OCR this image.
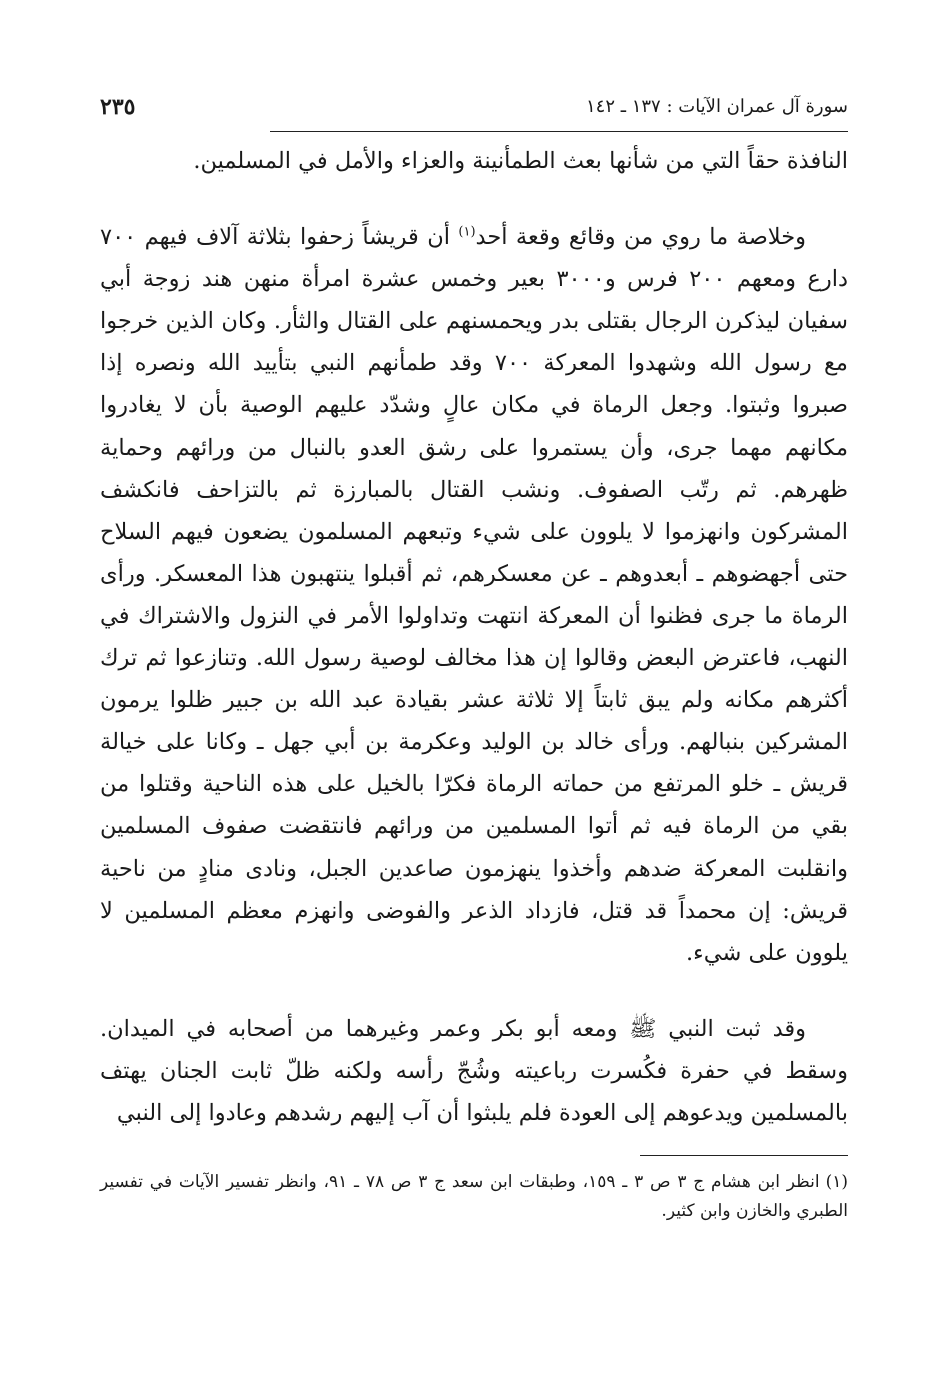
سورة آل عمران الآيات : ١٣٧ ـ ١٤٢
٢٣٥

النافذة حقاً التي من شأنها بعث الطمأنينة والعزاء والأمل في المسلمين.

وخلاصة ما روي من وقائع وقعة أحد$^{(١)}$ أن قريشاً زحفوا بثلاثة آلاف فيهم ٧٠٠ دارع ومعهم ٢٠٠ فرس و٣٠٠٠ بعير وخمس عشرة امرأة منهن هند زوجة أبي سفيان ليذكرن الرجال بقتلى بدر ويحمسنهم على القتال والثأر. وكان الذين خرجوا مع رسول الله وشهدوا المعركة ٧٠٠ وقد طمأنهم النبي بتأييد الله ونصره إذا صبروا وثبتوا. وجعل الرماة في مكان عالٍ وشدّد عليهم الوصية بأن لا يغادروا مكانهم مهما جرى، وأن يستمروا على رشق العدو بالنبال من ورائهم وحماية ظهرهم. ثم رتّب الصفوف. ونشب القتال بالمبارزة ثم بالتزاحف فانكشف المشركون وانهزموا لا يلوون على شيء وتبعهم المسلمون يضعون فيهم السلاح حتى أجهضوهم ـ أبعدوهم ـ عن معسكرهم، ثم أقبلوا ينتهبون هذا المعسكر. ورأى الرماة ما جرى فظنوا أن المعركة انتهت وتداولوا الأمر في النزول والاشتراك في النهب، فاعترض البعض وقالوا إن هذا مخالف لوصية رسول الله. وتنازعوا ثم ترك أكثرهم مكانه ولم يبق ثابتاً إلا ثلاثة عشر بقيادة عبد الله بن جبير ظلوا يرمون المشركين بنبالهم. ورأى خالد بن الوليد وعكرمة بن أبي جهل ـ وكانا على خيالة قريش ـ خلو المرتفع من حماته الرماة فكرّا بالخيل على هذه الناحية وقتلوا من بقي من الرماة فيه ثم أتوا المسلمين من ورائهم فانتقضت صفوف المسلمين وانقلبت المعركة ضدهم وأخذوا ينهزمون صاعدين الجبل، ونادى منادٍ من ناحية قريش: إن محمداً قد قتل، فازداد الذعر والفوضى وانهزم معظم المسلمين لا يلوون على شيء.

وقد ثبت النبي ﷺ ومعه أبو بكر وعمر وغيرهما من أصحابه في الميدان. وسقط في حفرة فكُسرت رباعيته وشُجّ رأسه ولكنه ظلّ ثابت الجنان يهتف بالمسلمين ويدعوهم إلى العودة فلم يلبثوا أن آب إليهم رشدهم وعادوا إلى النبي

(١)انظر ابن هشام ج ٣ ص ٣ ـ ١٥٩، وطبقات ابن سعد ج ٣ ص ٧٨ ـ ٩١، وانظر تفسير الآيات في تفسير الطبري والخازن وابن كثير.
